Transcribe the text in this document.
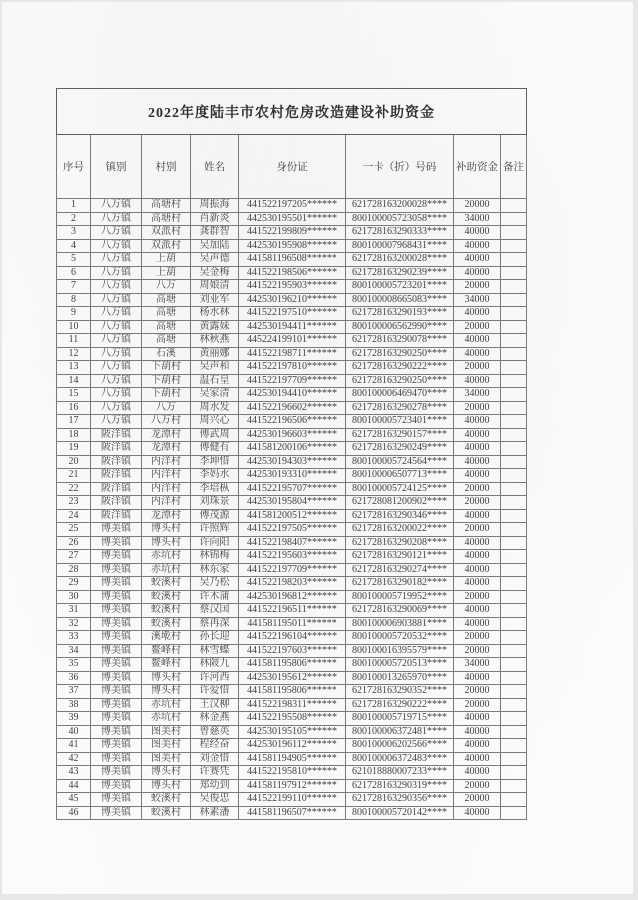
2022年度陆丰市农村危房改造建设补助资金							
序号	镇别	村别	姓名	身份证	一卡（折）号码	补助资金	备注
1	八万镇	高塘村	周振海	441522197205******	621728163200028****	20000	
2	八万镇	高塘村	肖新炎	442530195501******	800100005723058****	34000	
3	八万镇	双派村	龚群智	441522199809******	621728163290333****	40000	
4	八万镇	双派村	吴加陆	442530195908******	800100007968431****	40000	
5	八万镇	上葫	吴声德	441581196508******	621728163200028****	40000	
6	八万镇	上葫	吴金梅	441522198506******	621728163290239****	40000	
7	八万镇	八万	周娘清	441522195903******	800100005723201****	20000	
8	八万镇	高塘	刘业军	442530196210******	800100008665083****	34000	
9	八万镇	高塘	杨水林	441522197510******	621728163290193****	40000	
10	八万镇	高塘	黄露妹	442530194411******	800100006562990****	20000	
11	八万镇	高塘	林秋燕	445224199101******	621728163290078****	40000	
12	八万镇	石溪	黄丽娜	441522198711******	621728163290250****	40000	
13	八万镇	下葫村	吴声和	441522197810******	621728163290222****	20000	
14	八万镇	下葫村	温石皇	441522197709******	621728163290250****	40000	
15	八万镇	下葫村	吴家清	442530194410******	800100006469470****	34000	
16	八万镇	八万	周水发	441522196602******	621728163290278****	20000	
17	八万镇	八万村	周兴心	441522196506******	800100005723401****	40000	
18	陂洋镇	龙潭村	傅武周	442530196603******	621728163290157****	40000	
19	陂洋镇	龙潭村	傅健有	441581200106******	621728163290249****	40000	
20	陂洋镇	内洋村	李坤惜	442530194303******	800100005724564****	40000	
21	陂洋镇	内洋村	李妈水	442530193310******	800100006507713****	40000	
22	陂洋镇	内洋村	李培枞	441522195707******	800100005724125****	20000	
23	陂洋镇	内洋村	刘珠景	442530195804******	621728081200902****	20000	
24	陂洋镇	龙潭村	傅茂源	441581200512******	621728163290346****	40000	
25	博美镇	博头村	许照辉	441522197505******	621728163200022****	20000	
26	博美镇	博头村	许向阳	441522198407******	621728163290208****	40000	
27	博美镇	赤坑村	林锦梅	441522195603******	621728163290121****	40000	
28	博美镇	赤坑村	林东家	441522197709******	621728163290274****	40000	
29	博美镇	蛟溪村	吴乃松	441522198203******	621728163290182****	40000	
30	博美镇	蛟溪村	许木蒲	442530196812******	800100005719952****	20000	
31	博美镇	蛟溪村	蔡汉国	441522196511******	621728163290069****	40000	
32	博美镇	蛟溪村	蔡再深	441581195011******	800100006903881****	40000	
33	博美镇	溪墘村	孙长迎	441522196104******	800100005720532****	20000	
34	博美镇	鳌峰村	林雪蝶	441522197603******	800100016395579****	20000	
35	博美镇	鳌峰村	林陂九	441581195806******	800100005720513****	34000	
36	博美镇	博头村	许河西	442530195612******	800100013265970****	40000	
37	博美镇	博头村	许爱惜	441581195806******	621728163290352****	20000	
38	博美镇	赤坑村	王汉柳	441522198311******	621728163290222****	20000	
39	博美镇	赤坑村	林金燕	441522195508******	800100005719715****	40000	
40	博美镇	图美村	曾慈英	442530195105******	800100006372481****	40000	
41	博美镇	图美村	程经奋	442530196112******	800100006202566****	40000	
42	博美镇	图美村	刘金惜	441581194905******	800100006372483****	40000	
43	博美镇	博头村	许赛凭	441522195810******	621018880007233****	40000	
44	博美镇	博头村	郑幼到	441581197912******	621728163290319****	20000	
45	博美镇	蛟溪村	吴俊忠	441522199110******	621728163290356****	20000	
46	博美镇	蛟溪村	林素潘	441581196507******	800100005720142****	40000	
